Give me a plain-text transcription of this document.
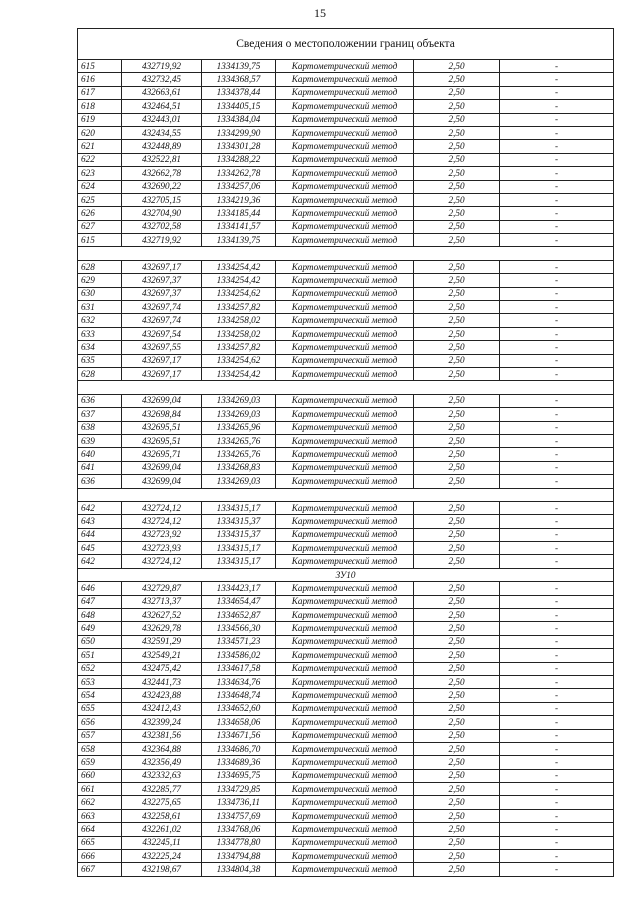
15
Сведения о местоположении границ объекта					
615	432719,92	1334139,75	Картометрический метод	2,50	-
616	432732,45	1334368,57	Картометрический метод	2,50	-
617	432663,61	1334378,44	Картометрический метод	2,50	-
618	432464,51	1334405,15	Картометрический метод	2,50	-
619	432443,01	1334384,04	Картометрический метод	2,50	-
620	432434,55	1334299,90	Картометрический метод	2,50	-
621	432448,89	1334301,28	Картометрический метод	2,50	-
622	432522,81	1334288,22	Картометрический метод	2,50	-
623	432662,78	1334262,78	Картометрический метод	2,50	-
624	432690,22	1334257,06	Картометрический метод	2,50	-
625	432705,15	1334219,36	Картометрический метод	2,50	-
626	432704,90	1334185,44	Картометрический метод	2,50	-
627	432702,58	1334141,57	Картометрический метод	2,50	-
615	432719,92	1334139,75	Картометрический метод	2,50	-

628	432697,17	1334254,42	Картометрический метод	2,50	-
629	432697,37	1334254,42	Картометрический метод	2,50	-
630	432697,37	1334254,62	Картометрический метод	2,50	-
631	432697,74	1334257,82	Картометрический метод	2,50	-
632	432697,74	1334258,02	Картометрический метод	2,50	-
633	432697,54	1334258,02	Картометрический метод	2,50	-
634	432697,55	1334257,82	Картометрический метод	2,50	-
635	432697,17	1334254,62	Картометрический метод	2,50	-
628	432697,17	1334254,42	Картометрический метод	2,50	-

636	432699,04	1334269,03	Картометрический метод	2,50	-
637	432698,84	1334269,03	Картометрический метод	2,50	-
638	432695,51	1334265,96	Картометрический метод	2,50	-
639	432695,51	1334265,76	Картометрический метод	2,50	-
640	432695,71	1334265,76	Картометрический метод	2,50	-
641	432699,04	1334268,83	Картометрический метод	2,50	-
636	432699,04	1334269,03	Картометрический метод	2,50	-

642	432724,12	1334315,17	Картометрический метод	2,50	-
643	432724,12	1334315,37	Картометрический метод	2,50	-
644	432723,92	1334315,37	Картометрический метод	2,50	-
645	432723,93	1334315,17	Картометрический метод	2,50	-
642	432724,12	1334315,17	Картометрический метод	2,50	-
ЗУ10					
646	432729,87	1334423,17	Картометрический метод	2,50	-
647	432713,37	1334654,47	Картометрический метод	2,50	-
648	432627,52	1334652,87	Картометрический метод	2,50	-
649	432629,78	1334566,30	Картометрический метод	2,50	-
650	432591,29	1334571,23	Картометрический метод	2,50	-
651	432549,21	1334586,02	Картометрический метод	2,50	-
652	432475,42	1334617,58	Картометрический метод	2,50	-
653	432441,73	1334634,76	Картометрический метод	2,50	-
654	432423,88	1334648,74	Картометрический метод	2,50	-
655	432412,43	1334652,60	Картометрический метод	2,50	-
656	432399,24	1334658,06	Картометрический метод	2,50	-
657	432381,56	1334671,56	Картометрический метод	2,50	-
658	432364,88	1334686,70	Картометрический метод	2,50	-
659	432356,49	1334689,36	Картометрический метод	2,50	-
660	432332,63	1334695,75	Картометрический метод	2,50	-
661	432285,77	1334729,85	Картометрический метод	2,50	-
662	432275,65	1334736,11	Картометрический метод	2,50	-
663	432258,61	1334757,69	Картометрический метод	2,50	-
664	432261,02	1334768,06	Картометрический метод	2,50	-
665	432245,11	1334778,80	Картометрический метод	2,50	-
666	432225,24	1334794,88	Картометрический метод	2,50	-
667	432198,67	1334804,38	Картометрический метод	2,50	-
